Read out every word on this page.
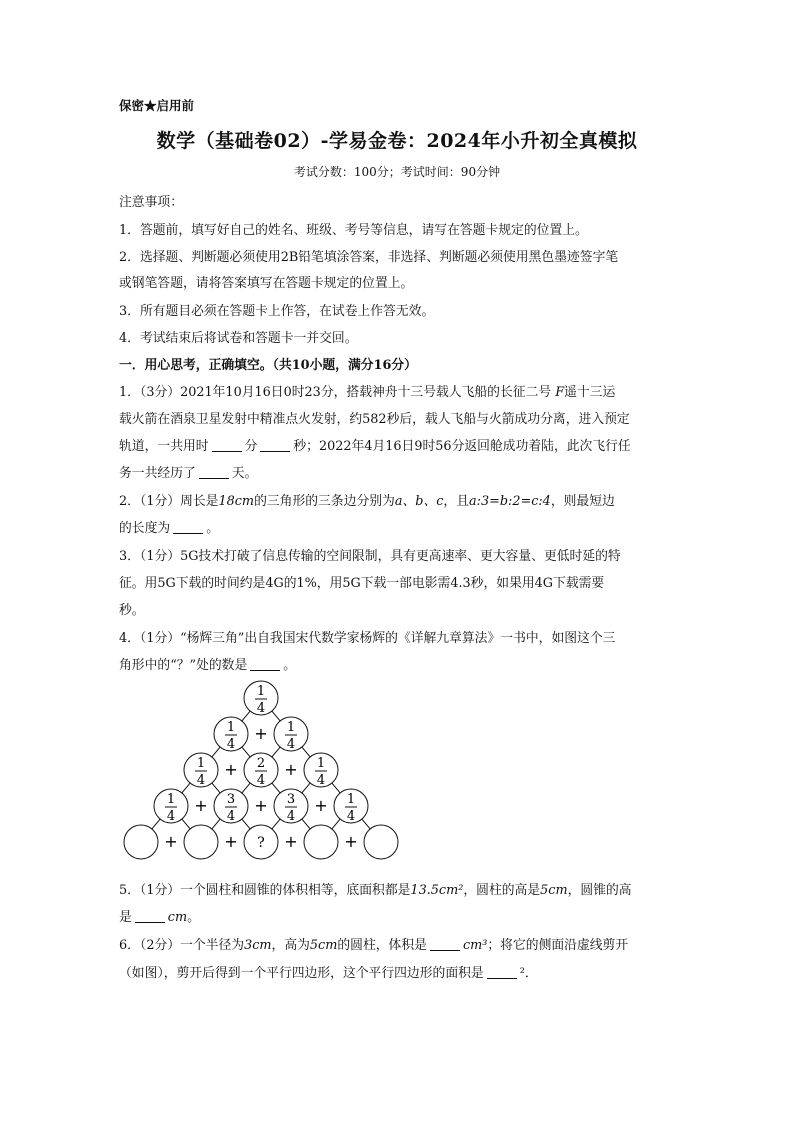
保密★启用前
数学（基础卷02）-学易金卷：2024年小升初全真模拟
考试分数：100分；考试时间：90分钟
注意事项：
1．答题前，填写好自己的姓名、班级、考号等信息，请写在答题卡规定的位置上。
2．选择题、判断题必须使用2B铅笔填涂答案，非选择、判断题必须使用黑色墨迹签字笔
或钢笔答题，请将答案填写在答题卡规定的位置上。
3．所有题目必须在答题卡上作答，在试卷上作答无效。
4．考试结束后将试卷和答题卡一并交回。
一．用心思考，正确填空。（共10小题，满分16分）
1．（3分）2021年10月16日0时23分，搭载神舟十三号载人飞船的长征二号 F遥十三运
载火箭在酒泉卫星发射中精准点火发射，约582秒后，载人飞船与火箭成功分离，进入预定
轨道，一共用时	分	秒；2022年4月16日9时56分返回舱成功着陆，此次飞行任
务一共经历了	天。
2．（1分）周长是18cm的三角形的三条边分别为a、b、c，且a:3=b:2=c:4，则最短边
的长度为	。
3．（1分）5G技术打破了信息传输的空间限制，具有更高速率、更大容量、更低时延的特
征。用5G下载的时间约是4G的1%，用5G下载一部电影需4.3秒，如果用4G下载需要
秒。
4．（1分）“杨辉三角”出自我国宋代数学家杨辉的《详解九章算法》一书中，如图这个三
角形中的“？”处的数是	。
1
4
1
4
1
4
+
1
4
2
4
1
4
+	+
1
4
3
4
3
4
1
4
+	+	+
?
+	+	+	+
5．（1分）一个圆柱和圆锥的体积相等，底面积都是13.5cm²，圆柱的高是5cm，圆锥的高
是	cm。
6．（2分）一个半径为3cm，高为5cm的圆柱，体积是	cm³；将它的侧面沿虚线剪开
（如图），剪开后得到一个平行四边形，这个平行四边形的面积是	²．
